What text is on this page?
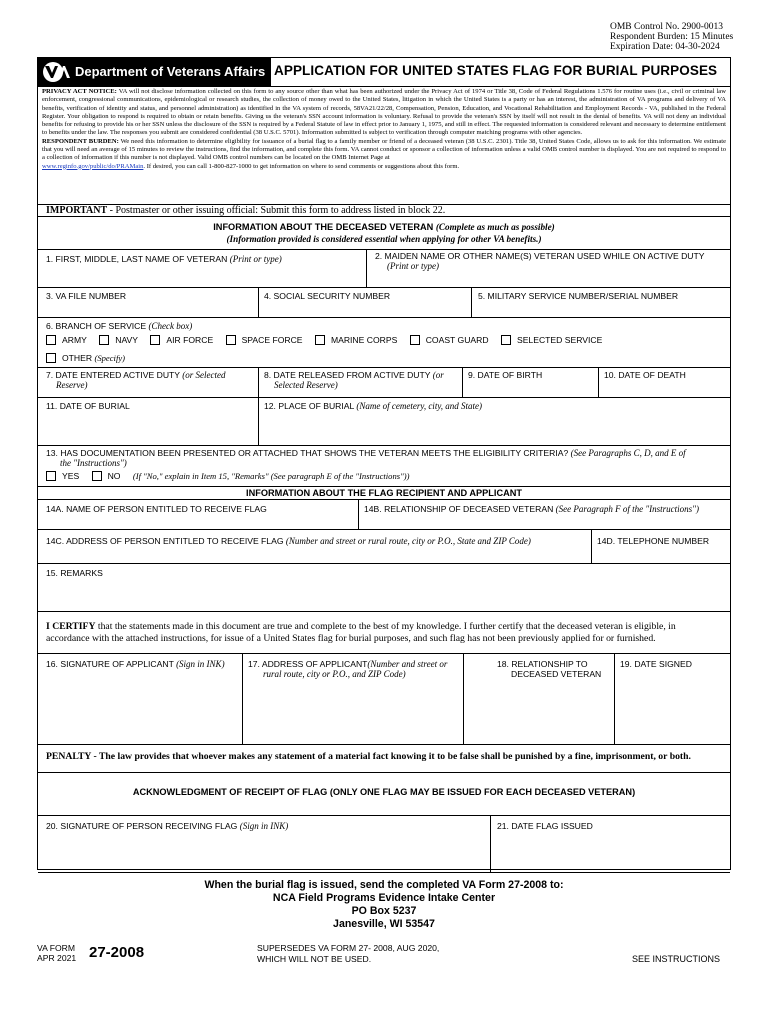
OMB Control No. 2900-0013
Respondent Burden: 15 Minutes
Expiration Date: 04-30-2024
Department of Veterans Affairs APPLICATION FOR UNITED STATES FLAG FOR BURIAL PURPOSES
PRIVACY ACT NOTICE: VA will not disclose information collected on this form to any source other than what has been authorized under the Privacy Act of 1974 or Title 38, Code of Federal Regulations 1.576 for routine uses (i.e., civil or criminal law enforcement, congressional communications, epidemiological or research studies, the collection of money owed to the United States, litigation in which the United States is a party or has an interest, the administration of VA programs and delivery of VA benefits, verification of identity and status, and personnel administration) as identified in the VA system of records, 58VA21/22/28, Compensation, Pension, Education, and Vocational Rehabilitation and Employment Records - VA, published in the Federal Register. Your obligation to respond is required to obtain or retain benefits. Giving us the veteran's SSN account information is voluntary. Refusal to provide the veteran's SSN by itself will not result in the denial of benefits. VA will not deny an individual benefits for refusing to provide his or her SSN unless the disclosure of the SSN is required by a Federal Statute of law in effect prior to January 1, 1975, and still in effect. The requested information is considered relevant and necessary to determine entitlement to benefits under the law. The responses you submit are considered confidential (38 U.S.C. 5701). Information submitted is subject to verification through computer matching programs with other agencies.
RESPONDENT BURDEN: We need this information to determine eligibility for issuance of a burial flag to a family member or friend of a deceased veteran (38 U.S.C. 2301). Title 38, United States Code, allows us to ask for this information. We estimate that you will need an average of 15 minutes to review the instructions, find the information, and complete this form. VA cannot conduct or sponsor a collection of information unless a valid OMB control number is displayed. You are not required to respond to a collection of information if this number is not displayed. Valid OMB control numbers can be located on the OMB Internet Page at
www.reginfo.gov/public/do/PRAMain. If desired, you can call 1-800-827-1000 to get information on where to send comments or suggestions about this form.
IMPORTANT - Postmaster or other issuing official: Submit this form to address listed in block 22.
INFORMATION ABOUT THE DECEASED VETERAN (Complete as much as possible)
(Information provided is considered essential when applying for other VA benefits.)
1. FIRST, MIDDLE, LAST NAME OF VETERAN (Print or type)	2. MAIDEN NAME OR OTHER NAME(S) VETERAN USED WHILE ON ACTIVE DUTY
(Print or type)
3. VA FILE NUMBER	4. SOCIAL SECURITY NUMBER	5. MILITARY SERVICE NUMBER/SERIAL NUMBER
6. BRANCH OF SERVICE (Check box)
ARMY	NAVY	AIR FORCE	SPACE FORCE	MARINE CORPS	COAST GUARD	SELECTED SERVICE
OTHER (Specify)
7. DATE ENTERED ACTIVE DUTY (or Selected
Reserve)
8. DATE RELEASED FROM ACTIVE DUTY (or
Selected Reserve)
9. DATE OF BIRTH	10. DATE OF DEATH
11. DATE OF BURIAL	12. PLACE OF BURIAL (Name of cemetery, city, and State)
13. HAS DOCUMENTATION BEEN PRESENTED OR ATTACHED THAT SHOWS THE VETERAN MEETS THE ELIGIBILITY CRITERIA? (See Paragraphs C, D, and E of
the "Instructions")
YES	NO (If "No," explain in Item 15, "Remarks" (See paragraph E of the "Instructions"))
INFORMATION ABOUT THE FLAG RECIPIENT AND APPLICANT
14A. NAME OF PERSON ENTITLED TO RECEIVE FLAG	14B. RELATIONSHIP OF DECEASED VETERAN (See Paragraph F of the "Instructions")
14C. ADDRESS OF PERSON ENTITLED TO RECEIVE FLAG (Number and street or rural route, city or P.O., State and ZIP Code)	14D. TELEPHONE NUMBER
15. REMARKS
I CERTIFY that the statements made in this document are true and complete to the best of my knowledge. I further certify that the deceased veteran is eligible, in
accordance with the attached instructions, for issue of a United States flag for burial purposes, and such flag has not been previously applied for or furnished.
16. SIGNATURE OF APPLICANT (Sign in INK)	17. ADDRESS OF APPLICANT(Number and street or
rural route, city or P.O., and ZIP Code)
18. RELATIONSHIP TO
DECEASED VETERAN
19. DATE SIGNED
PENALTY - The law provides that whoever makes any statement of a material fact knowing it to be false shall be punished by a fine, imprisonment, or both.
ACKNOWLEDGMENT OF RECEIPT OF FLAG (ONLY ONE FLAG MAY BE ISSUED FOR EACH DECEASED VETERAN)
20. SIGNATURE OF PERSON RECEIVING FLAG (Sign in INK)	21. DATE FLAG ISSUED
When the burial flag is issued, send the completed VA Form 27-2008 to:
NCA Field Programs Evidence Intake Center
PO Box 5237
Janesville, WI 53547
VA FORM
APR 2021 27-2008	SUPERSEDES VA FORM 27- 2008, AUG 2020,
WHICH WILL NOT BE USED.	SEE INSTRUCTIONS
